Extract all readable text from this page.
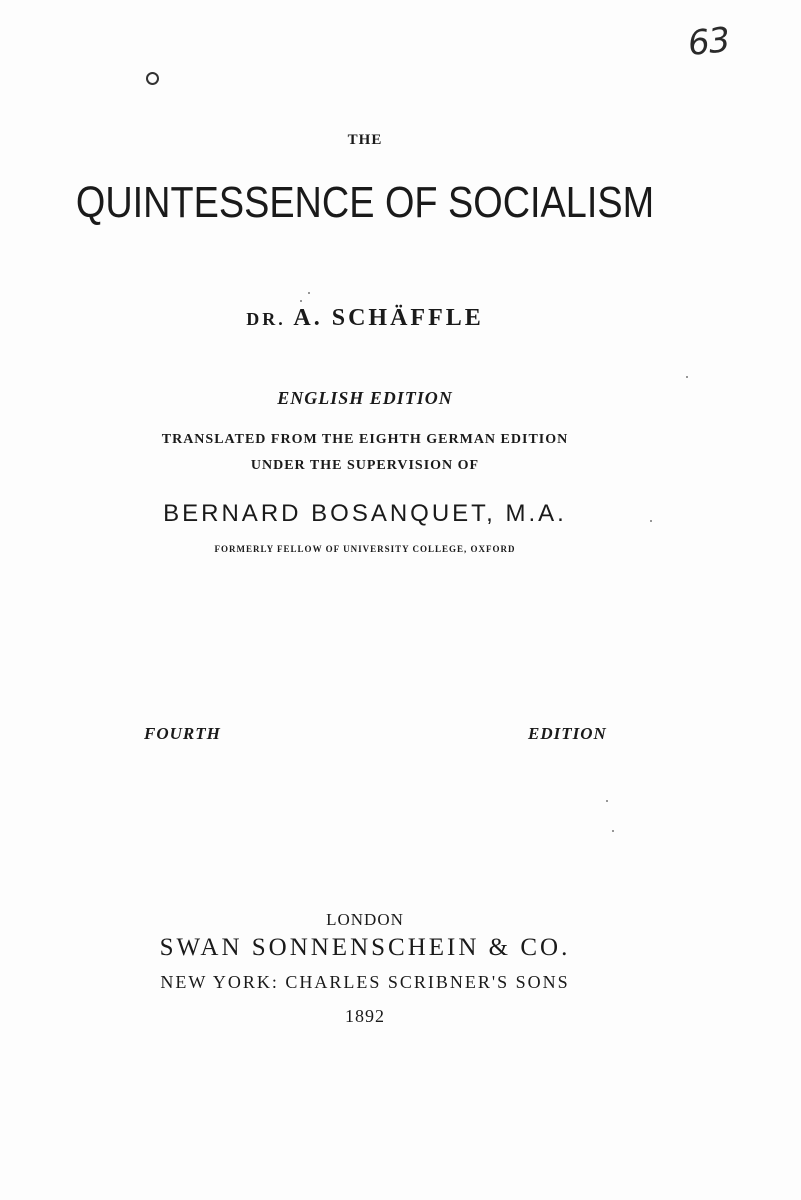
63
THE
QUINTESSENCE OF SOCIALISM
DR. A. SCHÄFFLE
ENGLISH EDITION
TRANSLATED FROM THE EIGHTH GERMAN EDITION
UNDER THE SUPERVISION OF
BERNARD BOSANQUET, M.A.
FORMERLY FELLOW OF UNIVERSITY COLLEGE, OXFORD
FOURTH	EDITION
LONDON
SWAN SONNENSCHEIN & CO.
NEW YORK: CHARLES SCRIBNER'S SONS
1892
